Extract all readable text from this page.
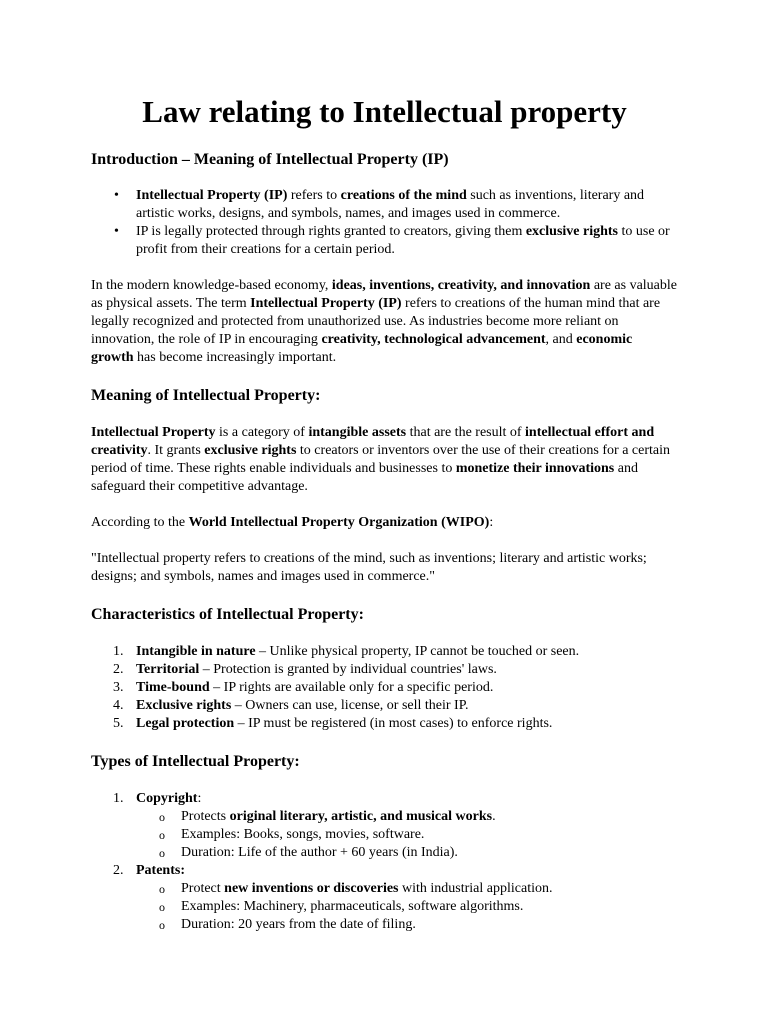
Law relating to Intellectual property
Introduction – Meaning of Intellectual Property (IP)
• Intellectual Property (IP) refers to creations of the mind such as inventions, literary and artistic works, designs, and symbols, names, and images used in commerce.
• IP is legally protected through rights granted to creators, giving them exclusive rights to use or profit from their creations for a certain period.

In the modern knowledge-based economy, ideas, inventions, creativity, and innovation are as valuable as physical assets. The term Intellectual Property (IP) refers to creations of the human mind that are legally recognized and protected from unauthorized use. As industries become more reliant on innovation, the role of IP in encouraging creativity, technological advancement, and economic growth has become increasingly important.

Meaning of Intellectual Property:

Intellectual Property is a category of intangible assets that are the result of intellectual effort and creativity. It grants exclusive rights to creators or inventors over the use of their creations for a certain period of time. These rights enable individuals and businesses to monetize their innovations and safeguard their competitive advantage.

According to the World Intellectual Property Organization (WIPO):

"Intellectual property refers to creations of the mind, such as inventions; literary and artistic works; designs; and symbols, names and images used in commerce."

Characteristics of Intellectual Property:
1. Intangible in nature – Unlike physical property, IP cannot be touched or seen.
2. Territorial – Protection is granted by individual countries' laws.
3. Time-bound – IP rights are available only for a specific period.
4. Exclusive rights – Owners can use, license, or sell their IP.
5. Legal protection – IP must be registered (in most cases) to enforce rights.
Types of Intellectual Property:
1. Copyright:
o Protects original literary, artistic, and musical works.
o Examples: Books, songs, movies, software.
o Duration: Life of the author + 60 years (in India).
2. Patents:
o Protect new inventions or discoveries with industrial application.
o Examples: Machinery, pharmaceuticals, software algorithms.
o Duration: 20 years from the date of filing.
